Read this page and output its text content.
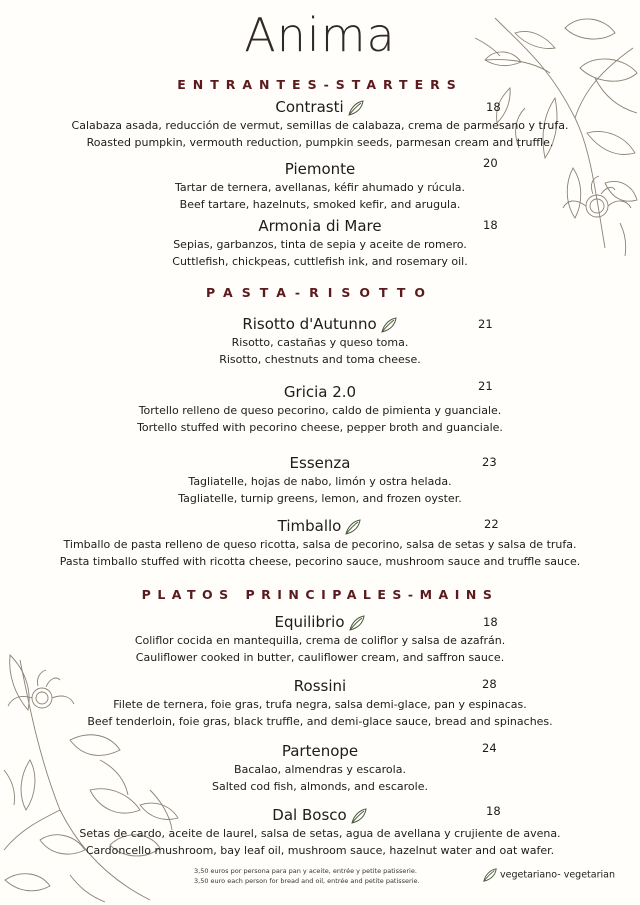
Anima
ENTRANTES-STARTERS
Contrasti
Calabaza asada, reducción de vermut, semillas de calabaza, crema de parmesano y trufa.
Roasted pumpkin, vermouth reduction, pumpkin seeds, parmesan cream and truffle.
18
Piemonte
Tartar de ternera, avellanas, kéfir ahumado y rúcula.
Beef tartare, hazelnuts, smoked kefir, and arugula.
20
Armonia di Mare
Sepias, garbanzos, tinta de sepia y aceite de romero.
Cuttlefish, chickpeas, cuttlefish ink, and rosemary oil.
18
PASTA-RISOTTO
Risotto d'Autunno
Risotto, castañas y queso toma.
Risotto, chestnuts and toma cheese.
21
Gricia 2.0
Tortello relleno de queso pecorino, caldo de pimienta y guanciale.
Tortello stuffed with pecorino cheese, pepper broth and guanciale.
21
Essenza
Tagliatelle, hojas de nabo, limón y ostra helada.
Tagliatelle, turnip greens, lemon, and frozen oyster.
23
Timballo
Timballo de pasta relleno de queso ricotta, salsa de pecorino, salsa de setas y salsa de trufa.
Pasta timballo stuffed with ricotta cheese, pecorino sauce, mushroom sauce and truffle sauce.
22
PLATOS PRINCIPALES-MAINS
Equilibrio
Coliflor cocida en mantequilla, crema de coliflor y salsa de azafrán.
Cauliflower cooked in butter, cauliflower cream, and saffron sauce.
18
Rossini
Filete de ternera, foie gras, trufa negra, salsa demi-glace, pan y espinacas.
Beef tenderloin, foie gras, black truffle, and demi-glace sauce, bread and spinaches.
28
Partenope
Bacalao, almendras y escarola.
Salted cod fish, almonds, and escarole.
24
Dal Bosco
Setas de cardo, aceite de laurel, salsa de setas, agua de avellana y crujiente de avena.
Cardoncello mushroom, bay leaf oil, mushroom sauce, hazelnut water and oat wafer.
18
3,50 euros por persona para pan y aceite, entrée y petite patisserie.
3,50 euro each person for bread and oil, entrée and petite patisserie.
vegetariano- vegetarian
